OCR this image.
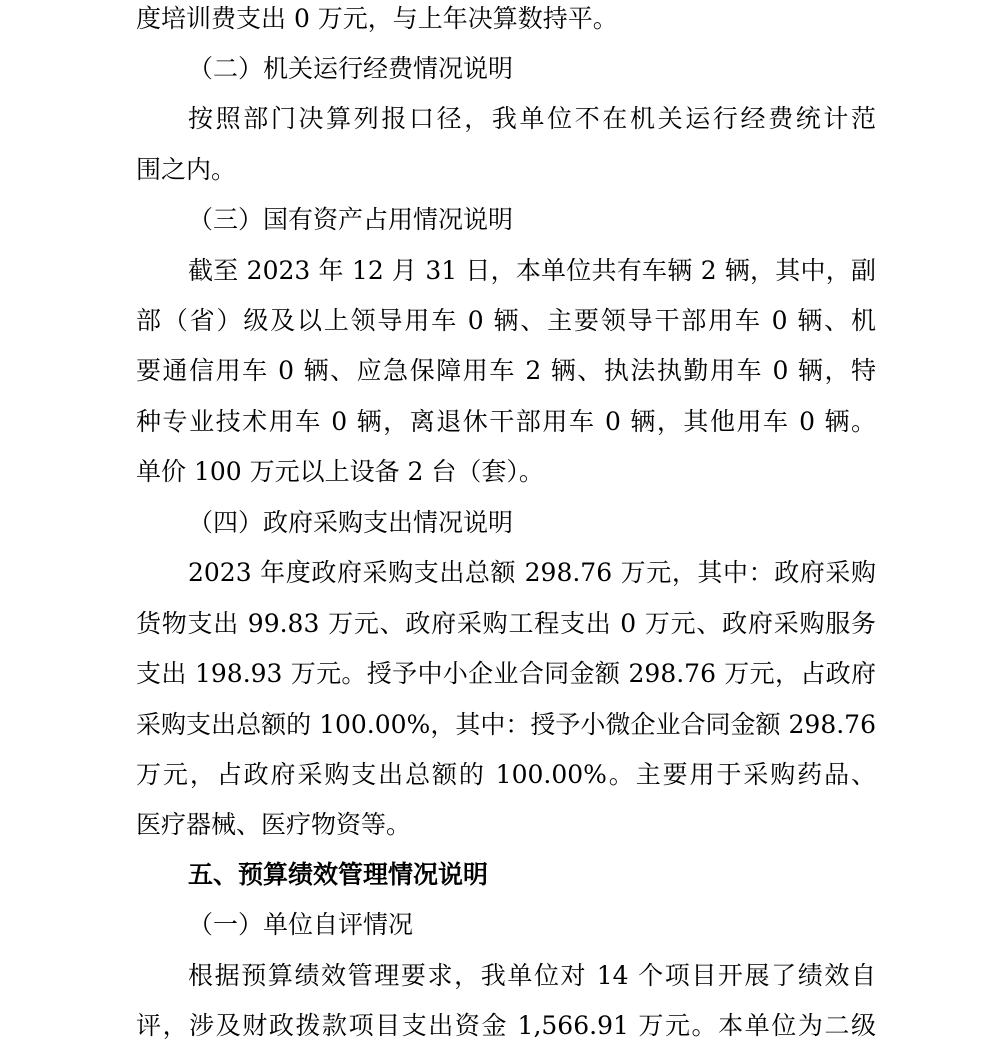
度培训费支出 0 万元，与上年决算数持平。
（二）机关运行经费情况说明
按照部门决算列报口径，我单位不在机关运行经费统计范
围之内。
（三）国有资产占用情况说明
截至 2023 年 12 月 31 日，本单位共有车辆 2 辆，其中，副
部（省）级及以上领导用车 0 辆、主要领导干部用车 0 辆、机
要通信用车 0 辆、应急保障用车 2 辆、执法执勤用车 0 辆，特
种专业技术用车 0 辆，离退休干部用车 0 辆，其他用车 0 辆。
单价 100 万元以上设备 2 台（套）。
（四）政府采购支出情况说明
2023 年度政府采购支出总额 298.76 万元，其中：政府采购
货物支出 99.83 万元、政府采购工程支出 0 万元、政府采购服务
支出 198.93 万元。授予中小企业合同金额 298.76 万元，占政府
采购支出总额的 100.00%，其中：授予小微企业合同金额 298.76
万元，占政府采购支出总额的 100.00%。主要用于采购药品、
医疗器械、医疗物资等。
五、预算绩效管理情况说明
（一）单位自评情况
根据预算绩效管理要求，我单位对 14 个项目开展了绩效自
评，涉及财政拨款项目支出资金 1,566.91 万元。本单位为二级
